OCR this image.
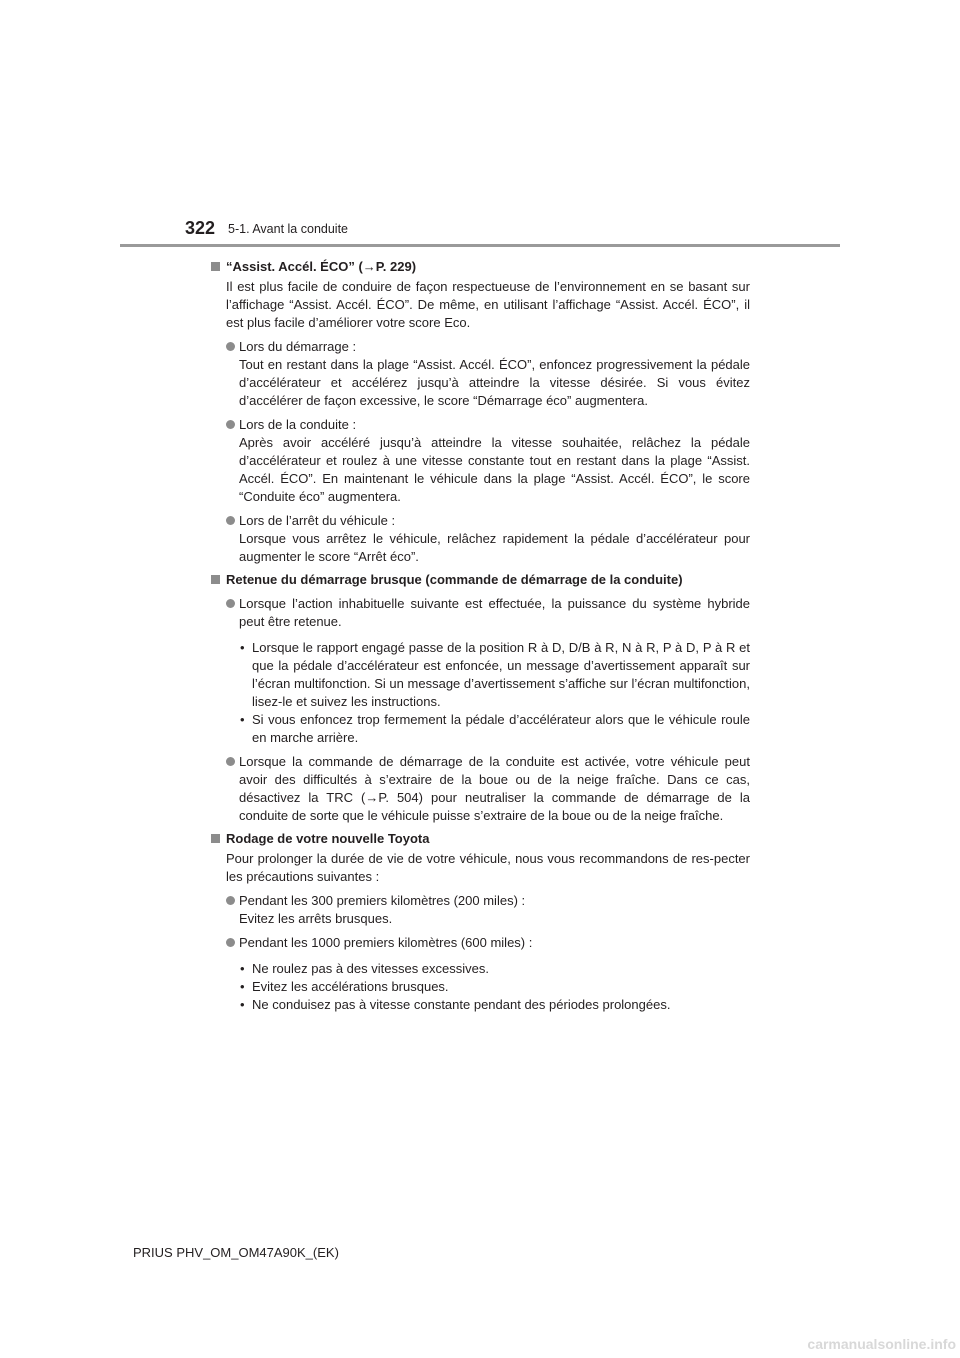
322 5-1. Avant la conduite
“Assist. Accél. ÉCO” (→P. 229)
Il est plus facile de conduire de façon respectueuse de l’environnement en se basant sur l’affichage “Assist. Accél. ÉCO”. De même, en utilisant l’affichage “Assist. Accél. ÉCO”, il est plus facile d’améliorer votre score Eco.
Lors du démarrage :
Tout en restant dans la plage “Assist. Accél. ÉCO”, enfoncez progressivement la pédale d’accélérateur et accélérez jusqu’à atteindre la vitesse désirée. Si vous évitez d’accélérer de façon excessive, le score “Démarrage éco” augmentera.
Lors de la conduite :
Après avoir accéléré jusqu’à atteindre la vitesse souhaitée, relâchez la pédale d’accélérateur et roulez à une vitesse constante tout en restant dans la plage “Assist. Accél. ÉCO”. En maintenant le véhicule dans la plage “Assist. Accél. ÉCO”, le score “Conduite éco” augmentera.
Lors de l’arrêt du véhicule :
Lorsque vous arrêtez le véhicule, relâchez rapidement la pédale d’accélérateur pour augmenter le score “Arrêt éco”.
Retenue du démarrage brusque (commande de démarrage de la conduite)
Lorsque l’action inhabituelle suivante est effectuée, la puissance du système hybride peut être retenue.
• Lorsque le rapport engagé passe de la position R à D, D/B à R, N à R, P à D, P à R et que la pédale d’accélérateur est enfoncée, un message d’avertissement apparaît sur l’écran multifonction. Si un message d’avertissement s’affiche sur l’écran multifonction, lisez-le et suivez les instructions.
• Si vous enfoncez trop fermement la pédale d’accélérateur alors que le véhicule roule en marche arrière.
Lorsque la commande de démarrage de la conduite est activée, votre véhicule peut avoir des difficultés à s’extraire de la boue ou de la neige fraîche. Dans ce cas, désactivez la TRC (→P. 504) pour neutraliser la commande de démarrage de la conduite de sorte que le véhicule puisse s’extraire de la boue ou de la neige fraîche.
Rodage de votre nouvelle Toyota
Pour prolonger la durée de vie de votre véhicule, nous vous recommandons de res-pecter les précautions suivantes :
Pendant les 300 premiers kilomètres (200 miles) :
Evitez les arrêts brusques.
Pendant les 1000 premiers kilomètres (600 miles) :
• Ne roulez pas à des vitesses excessives.
• Evitez les accélérations brusques.
• Ne conduisez pas à vitesse constante pendant des périodes prolongées.
PRIUS PHV_OM_OM47A90K_(EK)
carmanualsonline.info
